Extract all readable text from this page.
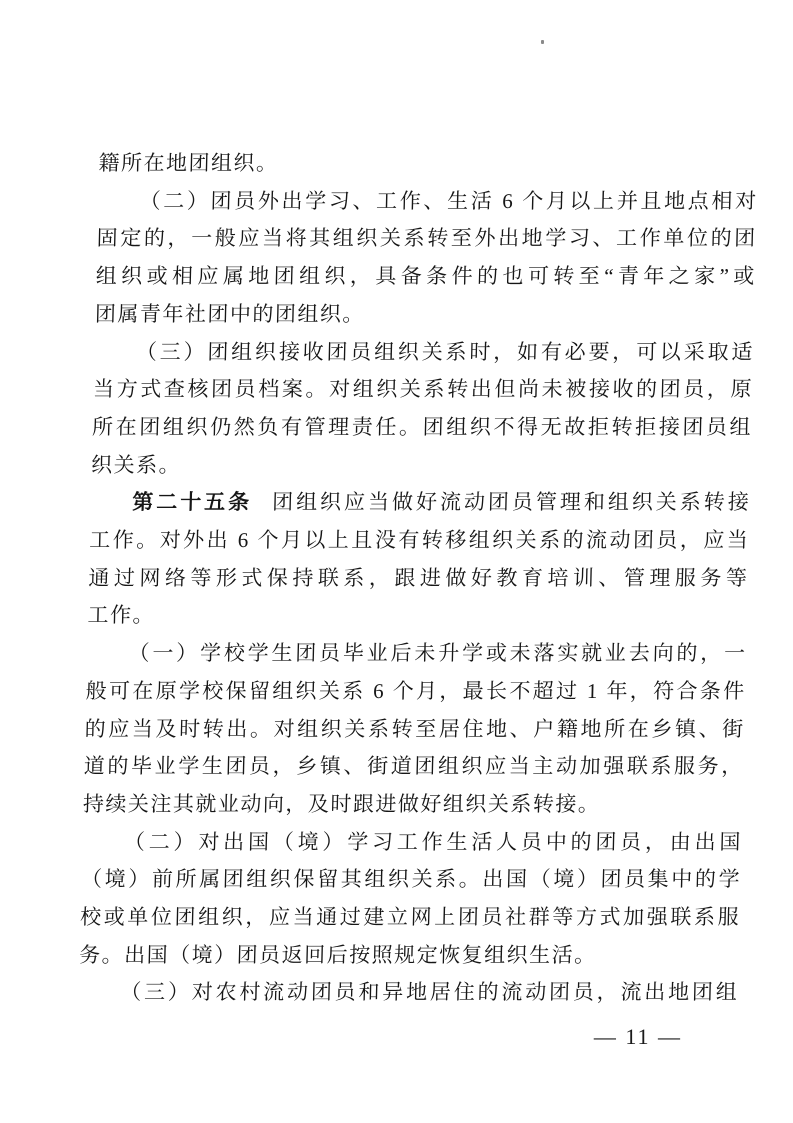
籍所在地团组织。
（二）团员外出学习、工作、生活 6 个月以上并且地点相对
固定的，一般应当将其组织关系转至外出地学习、工作单位的团
组织或相应属地团组织，具备条件的也可转至“青年之家”或
团属青年社团中的团组织。
（三）团组织接收团员组织关系时，如有必要，可以采取适
当方式查核团员档案。对组织关系转出但尚未被接收的团员，原
所在团组织仍然负有管理责任。团组织不得无故拒转拒接团员组
织关系。
第二十五条 团组织应当做好流动团员管理和组织关系转接
工作。对外出 6 个月以上且没有转移组织关系的流动团员，应当
通过网络等形式保持联系，跟进做好教育培训、管理服务等
工作。
（一）学校学生团员毕业后未升学或未落实就业去向的，一
般可在原学校保留组织关系 6 个月，最长不超过 1 年，符合条件
的应当及时转出。对组织关系转至居住地、户籍地所在乡镇、街
道的毕业学生团员，乡镇、街道团组织应当主动加强联系服务，
持续关注其就业动向，及时跟进做好组织关系转接。
（二）对出国（境）学习工作生活人员中的团员，由出国
（境）前所属团组织保留其组织关系。出国（境）团员集中的学
校或单位团组织，应当通过建立网上团员社群等方式加强联系服
务。出国（境）团员返回后按照规定恢复组织生活。
（三）对农村流动团员和异地居住的流动团员，流出地团组
— 11 —
